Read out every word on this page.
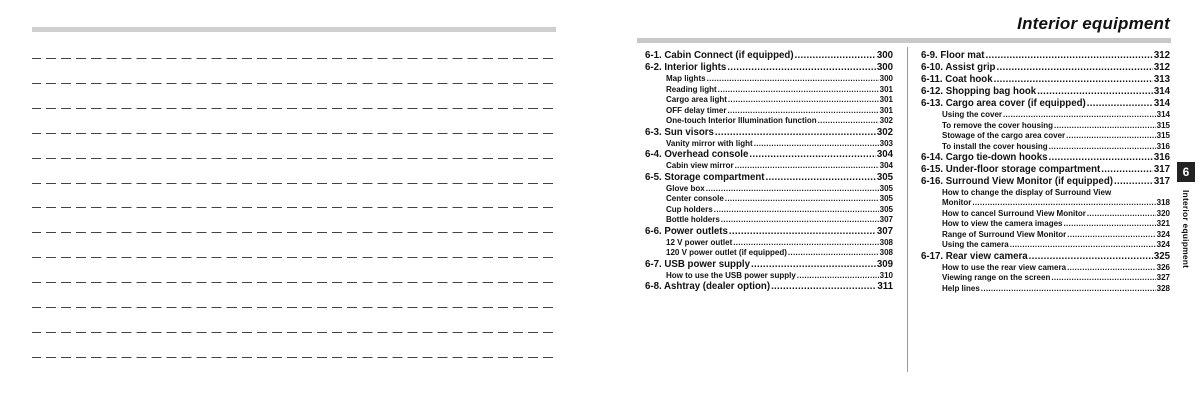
Interior equipment
6-1. Cabin Connect (if equipped) .....	300
6-2. Interior lights .....	300
Map lights .....	300
Reading light .....	301
Cargo area light .....	301
OFF delay timer .....	301
One-touch Interior Illumination function .....	302
6-3. Sun visors .....	302
Vanity mirror with light .....	303
6-4. Overhead console .....	304
Cabin view mirror .....	304
6-5. Storage compartment .....	305
Glove box .....	305
Center console .....	305
Cup holders .....	305
Bottle holders .....	307
6-6. Power outlets .....	307
12 V power outlet .....	308
120 V power outlet (if equipped) .....	308
6-7. USB power supply .....	309
How to use the USB power supply .....	310
6-8. Ashtray (dealer option) .....	311
6-9. Floor mat .....	312
6-10. Assist grip .....	312
6-11. Coat hook .....	313
6-12. Shopping bag hook .....	314
6-13. Cargo area cover (if equipped) .....	314
Using the cover .....	314
To remove the cover housing .....	315
Stowage of the cargo area cover .....	315
To install the cover housing .....	316
6-14. Cargo tie-down hooks .....	316
6-15. Under-floor storage compartment .....	317
6-16. Surround View Monitor (if equipped) .....	317
How to change the display of Surround View
Monitor .....	318
How to cancel Surround View Monitor .....	320
How to view the camera images .....	321
Range of Surround View Monitor .....	324
Using the camera .....	324
6-17. Rear view camera .....	325
How to use the rear view camera .....	326
Viewing range on the screen .....	327
Help lines .....	328
6
Interior equipment
